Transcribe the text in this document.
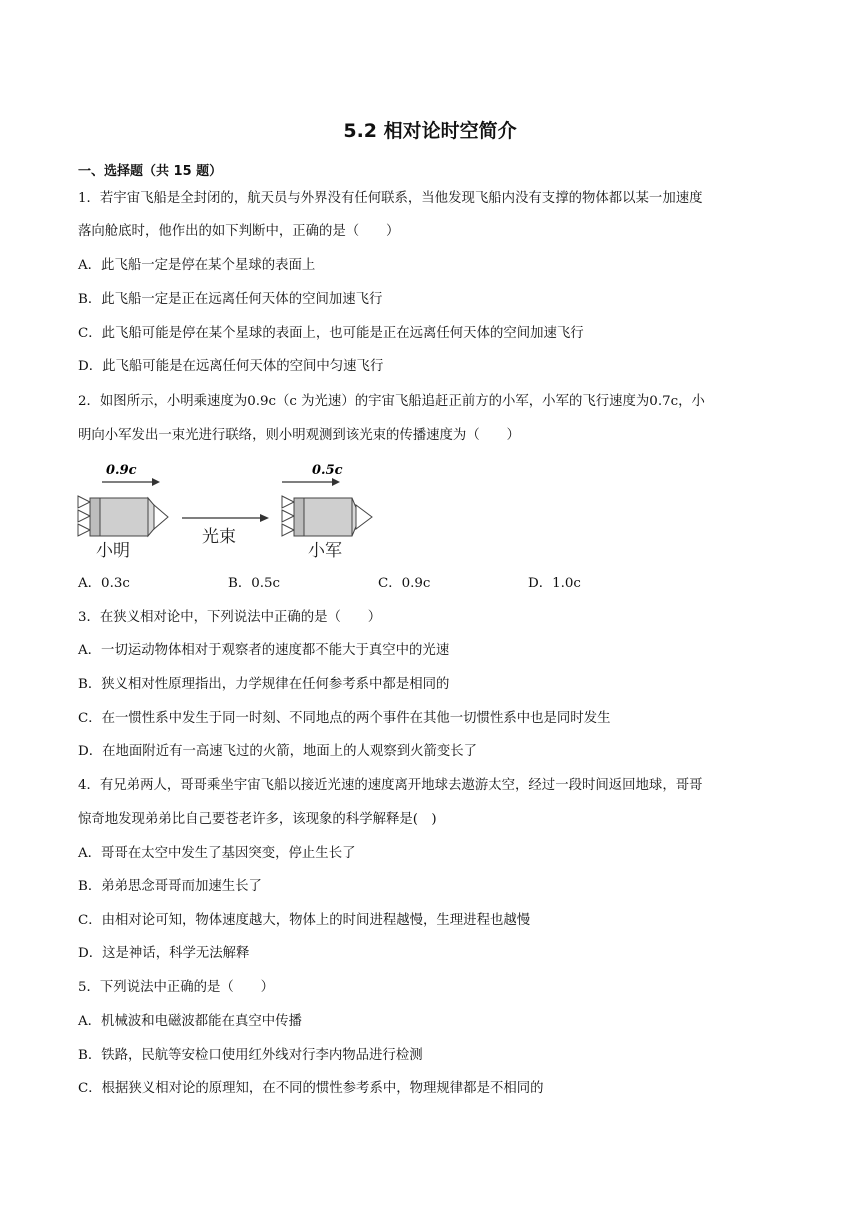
5.2 相对论时空简介
一、选择题（共 15 题）
1．若宇宙飞船是全封闭的，航天员与外界没有任何联系，当他发现飞船内没有支撑的物体都以某一加速度
落向舱底时，他作出的如下判断中，正确的是（　　）
A．此飞船一定是停在某个星球的表面上
B．此飞船一定是正在远离任何天体的空间加速飞行
C．此飞船可能是停在某个星球的表面上，也可能是正在远离任何天体的空间加速飞行
D．此飞船可能是在远离任何天体的空间中匀速飞行
2．如图所示，小明乘速度为0.9c（c 为光速）的宇宙飞船追赶正前方的小军，小军的飞行速度为0.7c，小
明向小军发出一束光进行联络，则小明观测到该光束的传播速度为（　　）
0.9c
小明
光束
0.5c
小军
A．0.3c	B．0.5c	C．0.9c	D．1.0c
3．在狭义相对论中，下列说法中正确的是（　　）
A．一切运动物体相对于观察者的速度都不能大于真空中的光速
B．狭义相对性原理指出，力学规律在任何参考系中都是相同的
C．在一惯性系中发生于同一时刻、不同地点的两个事件在其他一切惯性系中也是同时发生
D．在地面附近有一高速飞过的火箭，地面上的人观察到火箭变长了
4．有兄弟两人，哥哥乘坐宇宙飞船以接近光速的速度离开地球去遨游太空，经过一段时间返回地球，哥哥
惊奇地发现弟弟比自己要苍老许多，该现象的科学解释是(　)
A．哥哥在太空中发生了基因突变，停止生长了
B．弟弟思念哥哥而加速生长了
C．由相对论可知，物体速度越大，物体上的时间进程越慢，生理进程也越慢
D．这是神话，科学无法解释
5．下列说法中正确的是（　　）
A．机械波和电磁波都能在真空中传播
B．铁路，民航等安检口使用红外线对行李内物品进行检测
C．根据狭义相对论的原理知，在不同的惯性参考系中，物理规律都是不相同的
